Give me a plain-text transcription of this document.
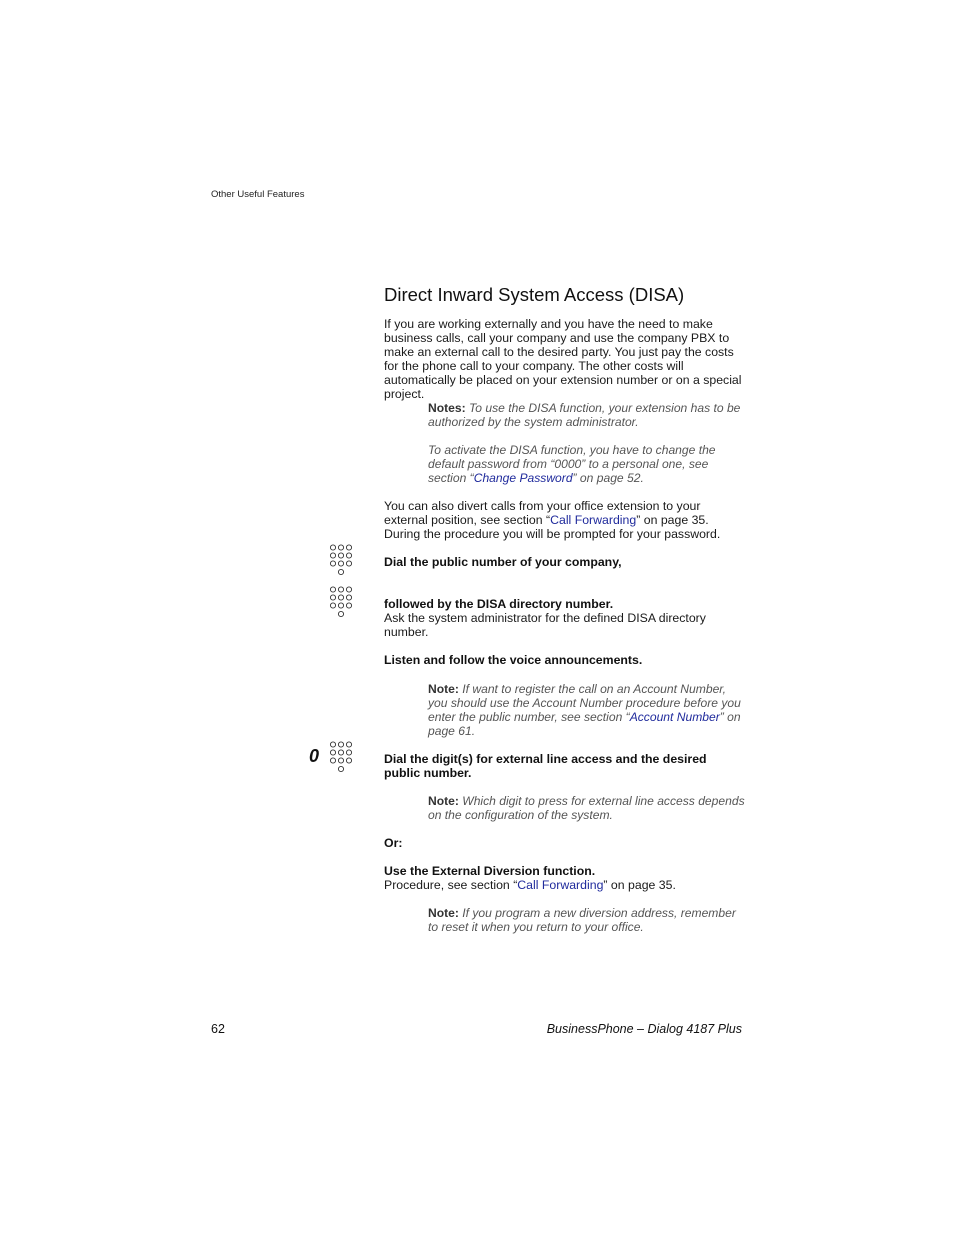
Other Useful Features
Direct Inward System Access (DISA)
If you are working externally and you have the need to make business calls, call your company and use the company PBX to make an external call to the desired party. You just pay the costs for the phone call to your company. The other costs will automatically be placed on your extension number or on a special project.
Notes: To use the DISA function, your extension has to be authorized by the system administrator.
To activate the DISA function, you have to change the default password from “0000” to a personal one, see section “Change Password” on page 52.
You can also divert calls from your office extension to your external position, see section “Call Forwarding” on page 35. During the procedure you will be prompted for your password.
Dial the public number of your company,
followed by the DISA directory number.
Ask the system administrator for the defined DISA directory number.
Listen and follow the voice announcements.
Note: If want to register the call on an Account Number, you should use the Account Number procedure before you enter the public number, see section “Account Number” on page 61.
0	Dial the digit(s) for external line access and the desired public number.
Note: Which digit to press for external line access depends on the configuration of the system.
Or:
Use the External Diversion function.
Procedure, see section “Call Forwarding” on page 35.
Note: If you program a new diversion address, remember to reset it when you return to your office.
62	BusinessPhone – Dialog 4187 Plus
